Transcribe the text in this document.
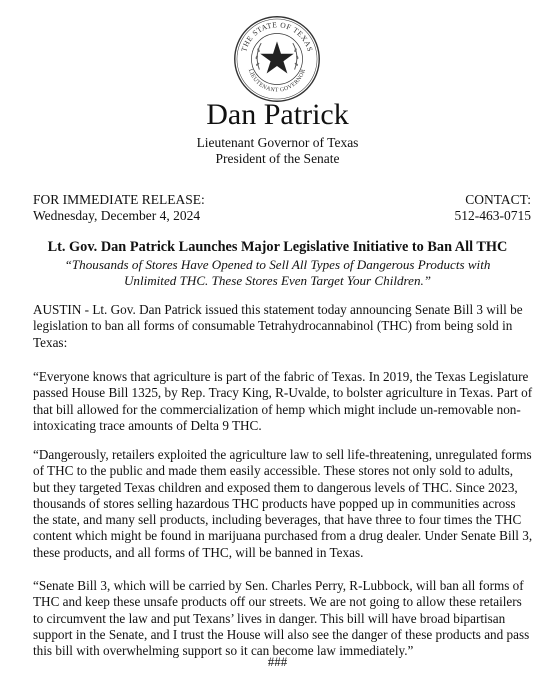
THE STATE OF TEXAS
LIEUTENANT GOVERNOR
Dan Patrick
Lieutenant Governor of Texas
President of the Senate
FOR IMMEDIATE RELEASE:
Wednesday, December 4, 2024
CONTACT:
512-463-0715
Lt. Gov. Dan Patrick Launches Major Legislative Initiative to Ban All THC
“Thousands of Stores Have Opened to Sell All Types of Dangerous Products with Unlimited THC. These Stores Even Target Your Children.”
AUSTIN - Lt. Gov. Dan Patrick issued this statement today announcing Senate Bill 3 will be legislation to ban all forms of consumable Tetrahydrocannabinol (THC) from being sold in Texas:
“Everyone knows that agriculture is part of the fabric of Texas. In 2019, the Texas Legislature passed House Bill 1325, by Rep. Tracy King, R-Uvalde, to bolster agriculture in Texas. Part of that bill allowed for the commercialization of hemp which might include un-removable non-intoxicating trace amounts of Delta 9 THC.
“Dangerously, retailers exploited the agriculture law to sell life-threatening, unregulated forms of THC to the public and made them easily accessible. These stores not only sold to adults, but they targeted Texas children and exposed them to dangerous levels of THC. Since 2023, thousands of stores selling hazardous THC products have popped up in communities across the state, and many sell products, including beverages, that have three to four times the THC content which might be found in marijuana purchased from a drug dealer. Under Senate Bill 3, these products, and all forms of THC, will be banned in Texas.
“Senate Bill 3, which will be carried by Sen. Charles Perry, R-Lubbock, will ban all forms of THC and keep these unsafe products off our streets. We are not going to allow these retailers to circumvent the law and put Texans’ lives in danger. This bill will have broad bipartisan support in the Senate, and I trust the House will also see the danger of these products and pass this bill with overwhelming support so it can become law immediately.”
###
